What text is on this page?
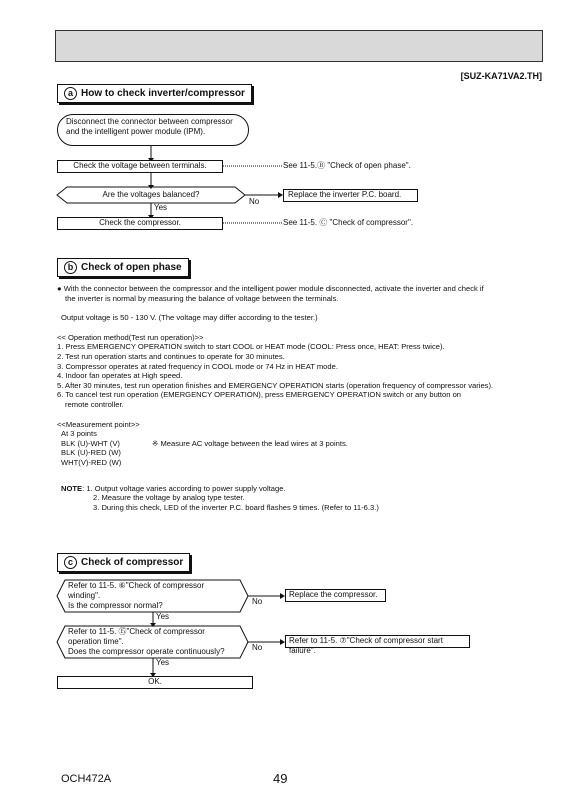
[SUZ-KA71VA2.TH]
a How to check inverter/compressor
Disconnect the connector between compressor and the intelligent power module (IPM).
Check the voltage between terminals.	See 11-5.Ⓑ "Check of open phase".
Are the voltages balanced?
No
Replace the inverter P.C. board.
Yes
Check the compressor.	See 11-5. Ⓒ "Check of compressor".
b Check of open phase
● With the connector between the compressor and the intelligent power module disconnected, activate the inverter and check if
the inverter is normal by measuring the balance of voltage between the terminals.
Output voltage is 50 - 130 V. (The voltage may differ according to the tester.)
<< Operation method(Test run operation)>>
1. Press EMERGENCY OPERATION switch to start COOL or HEAT mode (COOL: Press once, HEAT: Press twice).
2. Test run operation starts and continues to operate for 30 minutes.
3. Compressor operates at rated frequency in COOL mode or 74 Hz in HEAT mode.
4. Indoor fan operates at High speed.
5. After 30 minutes, test run operation finishes and EMERGENCY OPERATION starts (operation frequency of compressor varies).
6. To cancel test run operation (EMERGENCY OPERATION), press EMERGENCY OPERATION switch or any button on
remote controller.
<<Measurement point>>
At 3 points
BLK (U)-WHT (V)	※ Measure AC voltage between the lead wires at 3 points.
BLK (U)-RED (W)
WHT(V)-RED (W)
NOTE: 1. Output voltage varies according to power supply voltage.
2. Measure the voltage by analog type tester.
3. During this check, LED of the inverter P.C. board flashes 9 times. (Refer to 11-6.3.)
c Check of compressor
Refer to 11-5. ⑥"Check of compressor
winding".
Is the compressor normal?	No
Replace the compressor.
Yes
Refer to 11-5. ⑮"Check of compressor
operation time".
Does the compressor operate continuously?	No
Refer to 11-5. ⑦"Check of compressor start failure".
Yes
OK.
OCH472A	49
